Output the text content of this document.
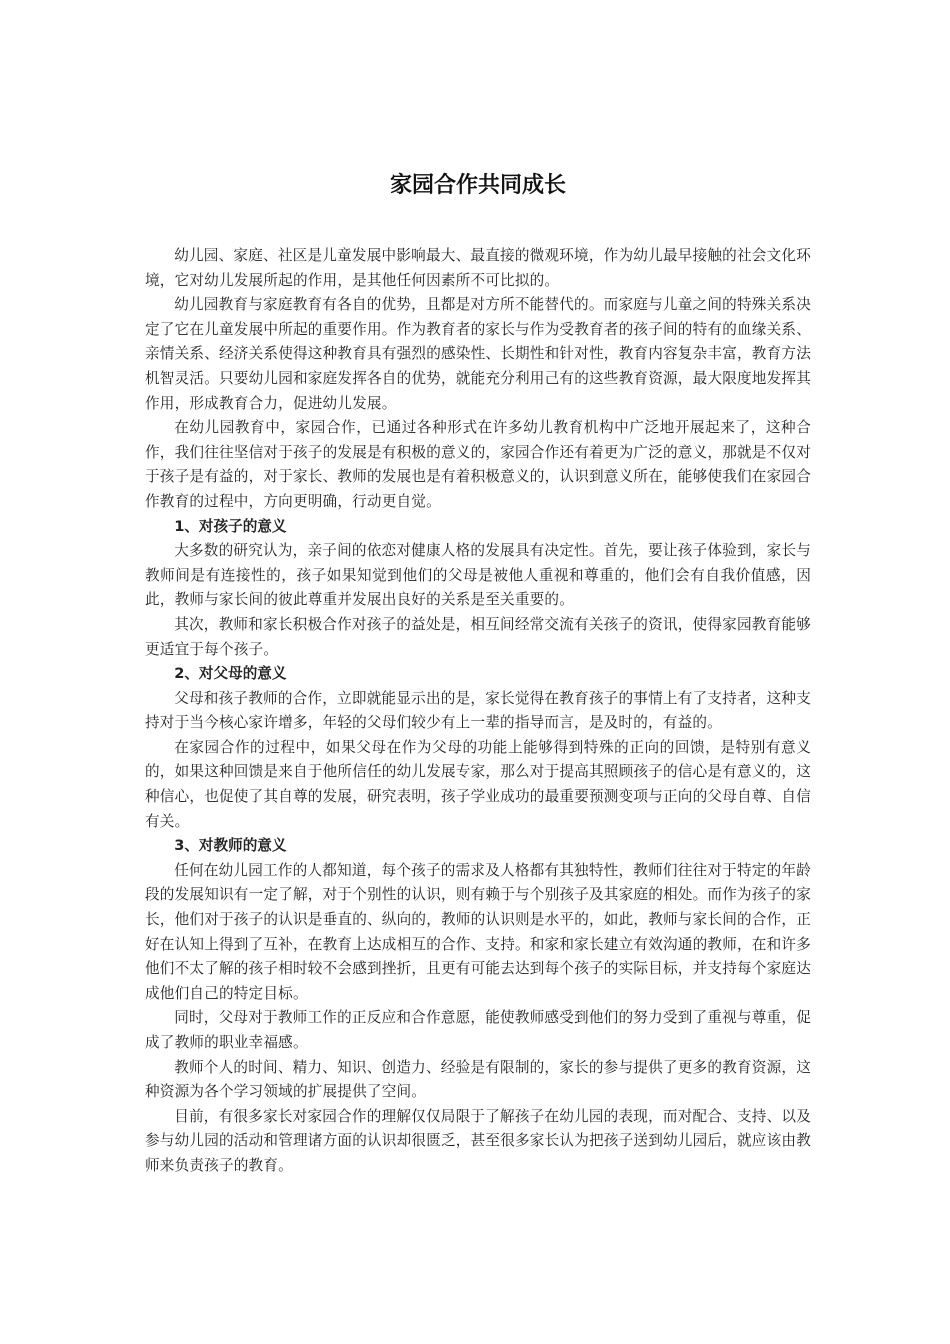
家园合作共同成长

幼儿园、家庭、社区是儿童发展中影响最大、最直接的微观环境，作为幼儿最早接触的社会文化环境，它对幼儿发展所起的作用，是其他任何因素所不可比拟的。

幼儿园教育与家庭教育有各自的优势，且都是对方所不能替代的。而家庭与儿童之间的特殊关系决定了它在儿童发展中所起的重要作用。作为教育者的家长与作为受教育者的孩子间的特有的血缘关系、亲情关系、经济关系使得这种教育具有强烈的感染性、长期性和针对性，教育内容复杂丰富，教育方法机智灵活。只要幼儿园和家庭发挥各自的优势，就能充分利用己有的这些教育资源，最大限度地发挥其作用，形成教育合力，促进幼儿发展。

在幼儿园教育中，家园合作，已通过各种形式在许多幼儿教育机构中广泛地开展起来了，这种合作，我们往往坚信对于孩子的发展是有积极的意义的，家园合作还有着更为广泛的意义，那就是不仅对于孩子是有益的，对于家长、教师的发展也是有着积极意义的，认识到意义所在，能够使我们在家园合作教育的过程中，方向更明确，行动更自觉。

1、对孩子的意义

大多数的研究认为，亲子间的依恋对健康人格的发展具有决定性。首先，要让孩子体验到，家长与教师间是有连接性的，孩子如果知觉到他们的父母是被他人重视和尊重的，他们会有自我价值感，因此，教师与家长间的彼此尊重并发展出良好的关系是至关重要的。

其次，教师和家长积极合作对孩子的益处是，相互间经常交流有关孩子的资讯，使得家园教育能够更适宜于每个孩子。

2、对父母的意义

父母和孩子教师的合作，立即就能显示出的是，家长觉得在教育孩子的事情上有了支持者，这种支持对于当今核心家许增多，年轻的父母们较少有上一辈的指导而言，是及时的，有益的。

在家园合作的过程中，如果父母在作为父母的功能上能够得到特殊的正向的回馈，是特别有意义的，如果这种回馈是来自于他所信任的幼儿发展专家，那么对于提高其照顾孩子的信心是有意义的，这种信心，也促使了其自尊的发展，研究表明，孩子学业成功的最重要预测变项与正向的父母自尊、自信有关。

3、对教师的意义

任何在幼儿园工作的人都知道，每个孩子的需求及人格都有其独特性，教师们往往对于特定的年龄段的发展知识有一定了解，对于个别性的认识，则有赖于与个别孩子及其家庭的相处。而作为孩子的家长，他们对于孩子的认识是垂直的、纵向的，教师的认识则是水平的，如此，教师与家长间的合作，正好在认知上得到了互补，在教育上达成相互的合作、支持。和家和家长建立有效沟通的教师，在和许多他们不太了解的孩子相时较不会感到挫折，且更有可能去达到每个孩子的实际目标，并支持每个家庭达成他们自己的特定目标。

同时，父母对于教师工作的正反应和合作意愿，能使教师感受到他们的努力受到了重视与尊重，促成了教师的职业幸福感。

教师个人的时间、精力、知识、创造力、经验是有限制的，家长的参与提供了更多的教育资源，这种资源为各个学习领域的扩展提供了空间。

目前，有很多家长对家园合作的理解仅仅局限于了解孩子在幼儿园的表现，而对配合、支持、以及参与幼儿园的活动和管理诸方面的认识却很匮乏，甚至很多家长认为把孩子送到幼儿园后，就应该由教师来负责孩子的教育。
